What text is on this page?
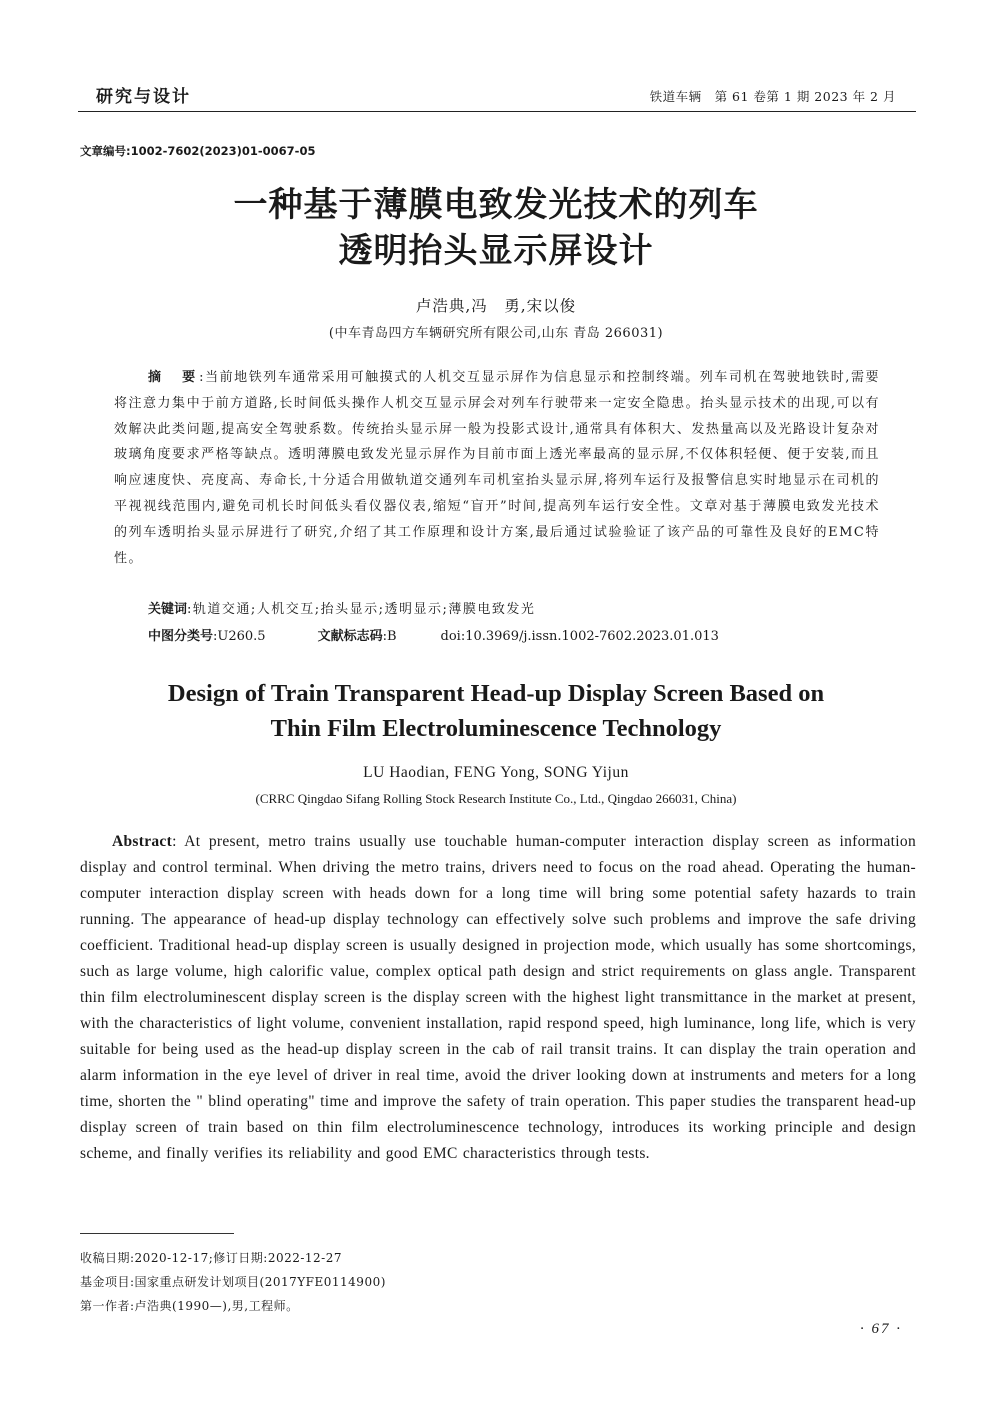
研究与设计	铁道车辆　第 61 卷第 1 期 2023 年 2 月
文章编号:1002-7602(2023)01-0067-05
一种基于薄膜电致发光技术的列车
透明抬头显示屏设计
卢浩典,冯　勇,宋以俊
(中车青岛四方车辆研究所有限公司,山东 青岛 266031)
摘　要:当前地铁列车通常采用可触摸式的人机交互显示屏作为信息显示和控制终端。列车司机在驾驶地铁时,需要将注意力集中于前方道路,长时间低头操作人机交互显示屏会对列车行驶带来一定安全隐患。抬头显示技术的出现,可以有效解决此类问题,提高安全驾驶系数。传统抬头显示屏一般为投影式设计,通常具有体积大、发热量高以及光路设计复杂对玻璃角度要求严格等缺点。透明薄膜电致发光显示屏作为目前市面上透光率最高的显示屏,不仅体积轻便、便于安装,而且响应速度快、亮度高、寿命长,十分适合用做轨道交通列车司机室抬头显示屏,将列车运行及报警信息实时地显示在司机的平视视线范围内,避免司机长时间低头看仪器仪表,缩短“盲开”时间,提高列车运行安全性。文章对基于薄膜电致发光技术的列车透明抬头显示屏进行了研究,介绍了其工作原理和设计方案,最后通过试验验证了该产品的可靠性及良好的EMC特性。
关键词:轨道交通;人机交互;抬头显示;透明显示;薄膜电致发光
中图分类号:U260.5	文献标志码:B	doi:10.3969/j.issn.1002-7602.2023.01.013
Design of Train Transparent Head-up Display Screen Based on
Thin Film Electroluminescence Technology
LU Haodian, FENG Yong, SONG Yijun
(CRRC Qingdao Sifang Rolling Stock Research Institute Co., Ltd., Qingdao 266031, China)
Abstract: At present, metro trains usually use touchable human-computer interaction display screen as information display and control terminal. When driving the metro trains, drivers need to focus on the road ahead. Operating the human-computer interaction display screen with heads down for a long time will bring some potential safety hazards to train running. The appearance of head-up display technology can effectively solve such problems and improve the safe driving coefficient. Traditional head-up display screen is usually designed in projection mode, which usually has some shortcomings, such as large volume, high calorific value, complex optical path design and strict requirements on glass angle. Transparent thin film electroluminescent display screen is the display screen with the highest light transmittance in the market at present, with the characteristics of light volume, convenient installation, rapid respond speed, high luminance, long life, which is very suitable for being used as the head-up display screen in the cab of rail transit trains. It can display the train operation and alarm information in the eye level of driver in real time, avoid the driver looking down at instruments and meters for a long time, shorten the " blind operating" time and improve the safety of train operation. This paper studies the transparent head-up display screen of train based on thin film electroluminescence technology, introduces its working principle and design scheme, and finally verifies its reliability and good EMC characteristics through tests.
收稿日期:2020-12-17;修订日期:2022-12-27
基金项目:国家重点研发计划项目(2017YFE0114900)
第一作者:卢浩典(1990—),男,工程师。
· 67 ·
